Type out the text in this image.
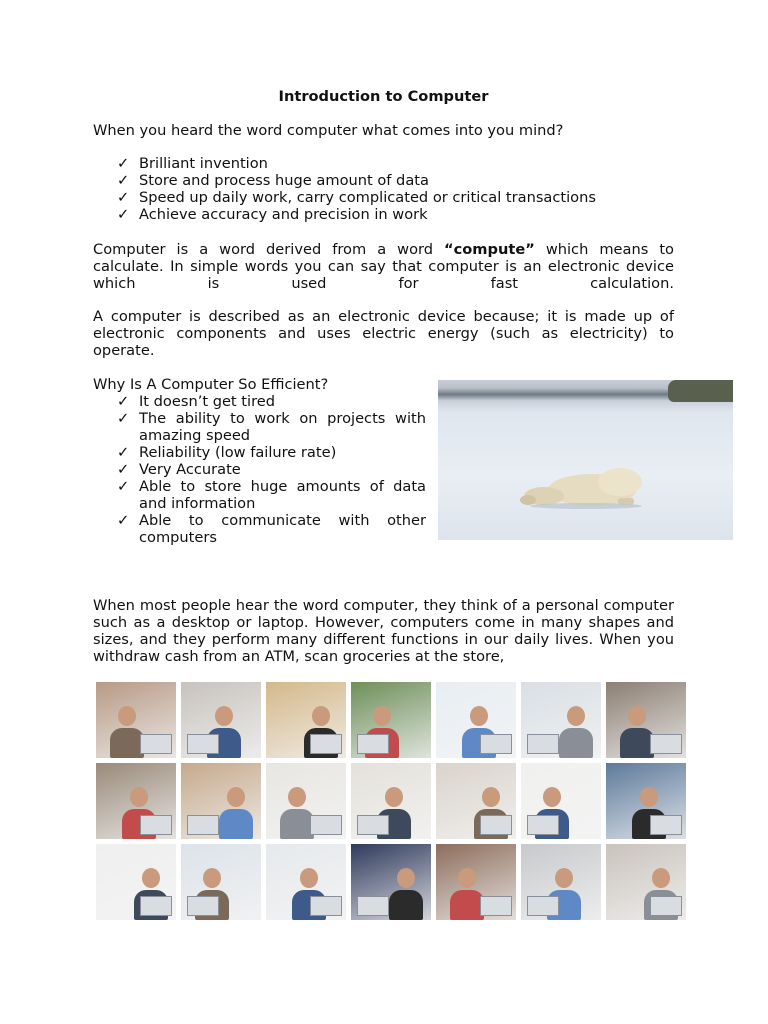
Introduction to Computer
When you heard the word computer what comes into you mind?
✓ Brilliant invention
✓ Store and process huge amount of data
✓ Speed up daily work, carry complicated or critical transactions
✓ Achieve accuracy and precision in work
Computer is a word derived from a word “compute” which means to calculate. In simple words you can say that computer is an electronic device which is used for fast calculation.
A computer is described as an electronic device because; it is made up of electronic components and uses electric energy (such as electricity) to operate.
Why Is A Computer So Efficient?
✓ It doesn’t get tired
✓ The ability to work on projects with amazing speed
✓ Reliability (low failure rate)
✓ Very Accurate
✓ Able to store huge amounts of data and information
✓ Able to communicate with other computers
When most people hear the word computer, they think of a personal computer such as a desktop or laptop. However, computers come in many shapes and sizes, and they perform many different functions in our daily lives. When you withdraw cash from an ATM, scan groceries at the store,
